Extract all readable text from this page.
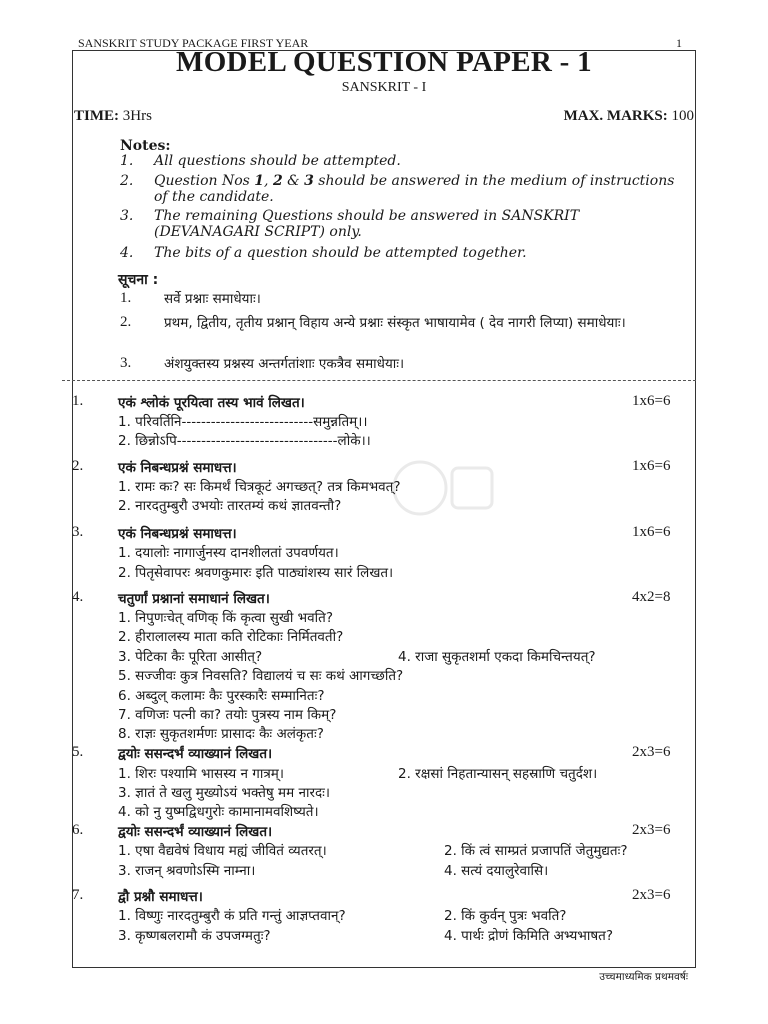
SANSKRIT STUDY PACKAGE FIRST YEAR	1
MODEL QUESTION PAPER - 1
SANSKRIT - I
TIME: 3Hrs	MAX. MARKS: 100
Notes:
1. All questions should be attempted.
2. Question Nos 1, 2 & 3 should be answered in the medium of instructions of the candidate.
3. The remaining Questions should be answered in SANSKRIT (DEVANAGARI SCRIPT) only.
4. The bits of a question should be attempted together.
सूचना :
1. सर्वे प्रश्नाः समाधेयाः।
2. प्रथम, द्वितीय, तृतीय प्रश्नान् विहाय अन्ये प्रश्नाः संस्कृत भाषायामेव ( देव नागरी लिप्या) समाधेयाः।
3. अंशयुक्तस्य प्रश्नस्य अन्तर्गतांशाः एकत्रैव समाधेयाः।
1.	एकं श्लोकं पूरयित्वा तस्य भावं लिखत।	1x6=6
1. परिवर्तिनि---------------------------समुन्नतिम्।।
2. छिन्नोऽपि---------------------------------लोके।।
2.	एकं निबन्धप्रश्नं समाधत्त।	1x6=6
1. रामः कः? सः किमर्थं चित्रकूटं अगच्छत्? तत्र किमभवत्?
2. नारदतुम्बुरौ उभयोः तारतम्यं कथं ज्ञातवन्तौ?
3.	एकं निबन्धप्रश्नं समाधत्त।	1x6=6
1. दयालोः नागार्जुनस्य दानशीलतां उपवर्णयत।
2. पितृसेवापरः श्रवणकुमारः इति पाठ्यांशस्य सारं लिखत।
4.	चतुर्णां प्रश्नानां समाधानं लिखत।	4x2=8
1. निपुणःचेत् वणिक् किं कृत्वा सुखी भवति?
2. हीरालालस्य माता कति रोटिकाः निर्मितवती?
3. पेटिका कैः पूरिता आसीत्?	4. राजा सुकृतशर्मा एकदा किमचिन्तयत्?
5. सज्जीवः कुत्र निवसति? विद्यालयं च सः कथं आगच्छति?
6. अब्दुल् कलामः कैः पुरस्कारैः सम्मानितः?
7. वणिजः पत्नी का? तयोः पुत्रस्य नाम किम्?
8. राज्ञः सुकृतशर्मणः प्रासादः कैः अलंकृतः?
5.	द्वयोः ससन्दर्भं व्याख्यानं लिखत।	2x3=6
1. शिरः पश्यामि भासस्य न गात्रम्।	2. रक्षसां निहतान्यासन् सहस्राणि चतुर्दश।
3. ज्ञातं ते खलु मुख्योऽयं भक्तेषु मम नारदः।
4. को नु युष्मद्विधगुरोः कामानामवशिष्यते।
6.	द्वयोः ससन्दर्भं व्याख्यानं लिखत।	2x3=6
1. एषा वैद्यवेषं विधाय मह्यं जीवितं व्यतरत्।	2. किं त्वं साम्प्रतं प्रजापतिं जेतुमुद्यतः?
3. राजन् श्रवणोऽस्मि नाम्ना।	4. सत्यं दयालुरेवासि।
7.	द्वौ प्रश्नौ समाधत्त।	2x3=6
1. विष्णुः नारदतुम्बुरौ कं प्रति गन्तुं आज्ञप्तवान्?	2. किं कुर्वन् पुत्रः भवति?
3. कृष्णबलरामौ कं उपजग्मतुः?	4. पार्थः द्रोणं किमिति अभ्यभाषत?
उच्चमाध्यमिक प्रथमवर्षः
